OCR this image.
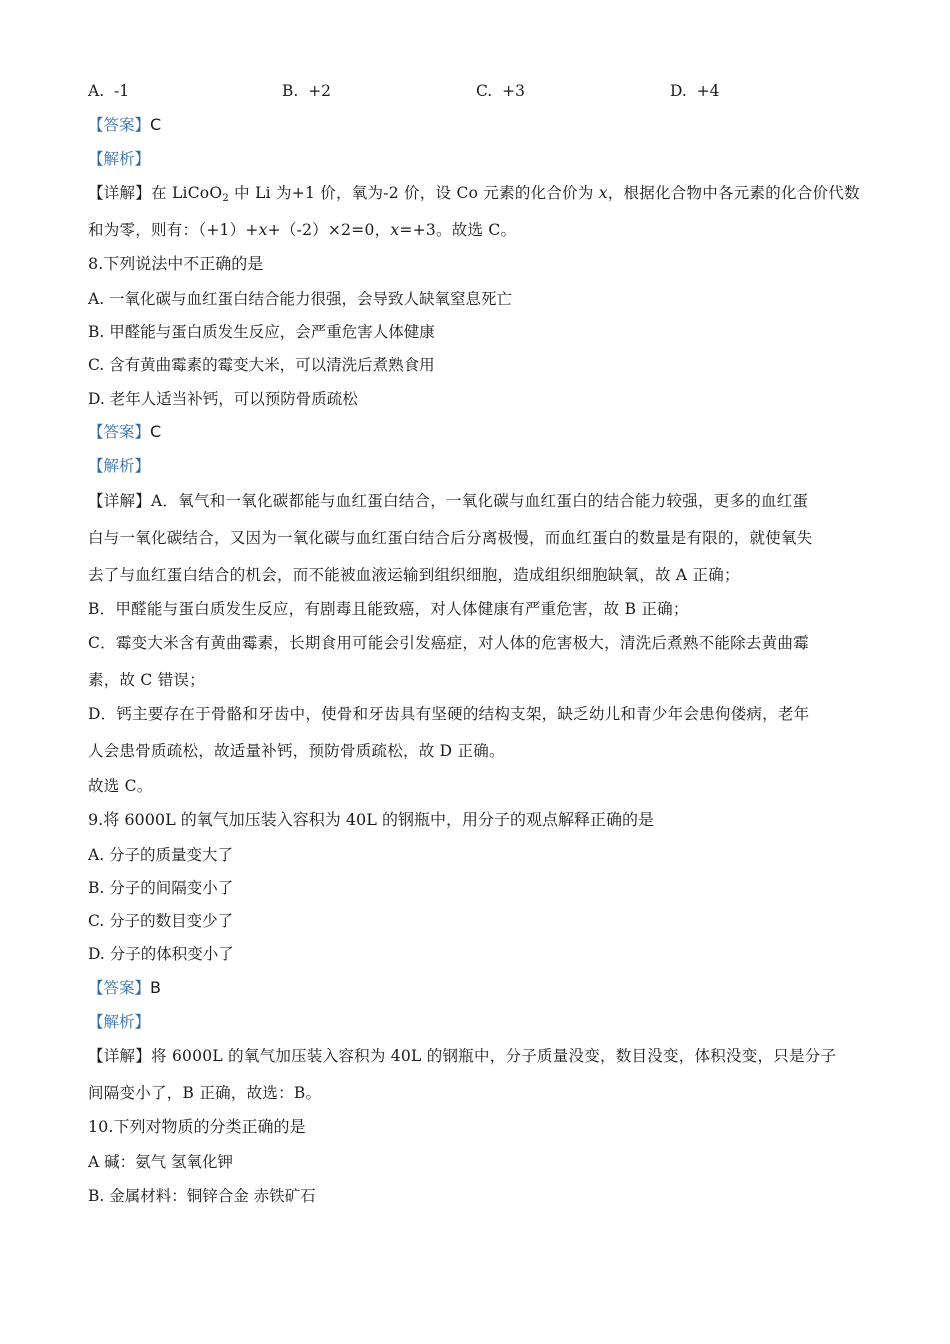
A. -1	B. +2	C. +3	D. +4
【答案】C
【解析】
【详解】在 LiCoO$_2$ 中 Li 为+1 价，氧为-2 价，设 Co 元素的化合价为 x，根据化合物中各元素的化合价代数
和为零，则有：（+1）+x+（-2）×2=0，x=+3。故选 C。
8.下列说法中不正确的是
A. 一氧化碳与血红蛋白结合能力很强，会导致人缺氧窒息死亡
B. 甲醛能与蛋白质发生反应，会严重危害人体健康
C. 含有黄曲霉素的霉变大米，可以清洗后煮熟食用
D. 老年人适当补钙，可以预防骨质疏松
【答案】C
【解析】
【详解】A．氧气和一氧化碳都能与血红蛋白结合，一氧化碳与血红蛋白的结合能力较强，更多的血红蛋
白与一氧化碳结合，又因为一氧化碳与血红蛋白结合后分离极慢，而血红蛋白的数量是有限的，就使氧失
去了与血红蛋白结合的机会，而不能被血液运输到组织细胞，造成组织细胞缺氧，故 A 正确；
B．甲醛能与蛋白质发生反应，有剧毒且能致癌，对人体健康有严重危害，故 B 正确；
C．霉变大米含有黄曲霉素，长期食用可能会引发癌症，对人体的危害极大，清洗后煮熟不能除去黄曲霉
素，故 C 错误；
D．钙主要存在于骨骼和牙齿中，使骨和牙齿具有坚硬的结构支架，缺乏幼儿和青少年会患佝偻病，老年
人会患骨质疏松，故适量补钙，预防骨质疏松，故 D 正确。
故选 C。
9.将 6000L 的氧气加压装入容积为 40L 的钢瓶中，用分子的观点解释正确的是
A. 分子的质量变大了
B. 分子的间隔变小了
C. 分子的数目变少了
D. 分子的体积变小了
【答案】B
【解析】
【详解】将 6000L 的氧气加压装入容积为 40L 的钢瓶中，分子质量没变，数目没变，体积没变，只是分子
间隔变小了，B 正确，故选：B。
10.下列对物质的分类正确的是
A 碱：氨气 氢氧化钾
B. 金属材料：铜锌合金 赤铁矿石
